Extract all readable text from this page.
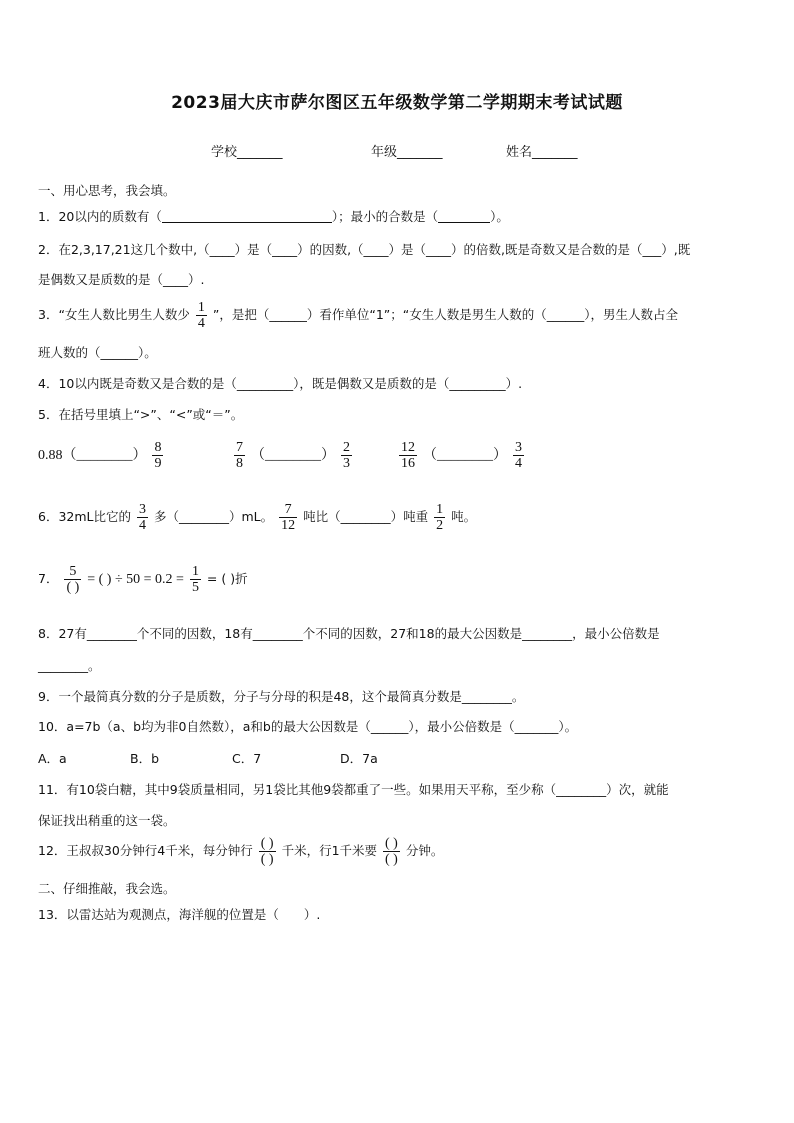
2023届大庆市萨尔图区五年级数学第二学期期末考试试题
学校_______	年级_______	姓名_______
一、用心思考，我会填。
1．20以内的质数有（	）；最小的合数是（	）。
2．在2,3,17,21这几个数中,（____）是（____）的因数,（____）是（____）的倍数,既是奇数又是合数的是（___）,既
是偶数又是质数的是（____）.
3．“女生人数比男生人数少 $\frac{1}{4}$ ”，是把（______）看作单位“1”；“女生人数是男生人数的（______），男生人数占全
班人数的（______）。
4．10以内既是奇数又是合数的是（_________），既是偶数又是质数的是（_________）.
5．在括号里填上“>”、“<”或“＝”。
0.88（________） $\frac{8}{9}$	$\frac{7}{8}$ （________） $\frac{2}{3}$	$\frac{12}{16}$ （________） $\frac{3}{4}$
6．32mL比它的 $\frac{3}{4}$ 多（________）mL。 $\frac{7}{12}$ 吨比（________）吨重 $\frac{1}{2}$ 吨。
7． $\frac{5}{( )}$ = ( ) ÷ $50 = 0.2 = \frac{1}{5}$ = ( )折
8．27有________个不同的因数，18有________个不同的因数，27和18的最大公因数是________，最小公倍数是
________。
9．一个最简真分数的分子是质数，分子与分母的积是48，这个最简真分数是________。
10．a=7b（a、b均为非0自然数），a和b的最大公因数是（______），最小公倍数是（_______）。
A．a	B．b	C．7	D．7a
11．有10袋白糖，其中9袋质量相同，另1袋比其他9袋都重了一些。如果用天平称，至少称（________）次，就能
保证找出稍重的这一袋。
12．王叔叔30分钟行4千米，每分钟行 $\frac{( )}{( )}$ 千米，行1千米要 $\frac{( )}{( )}$ 分钟。
二、仔细推敲，我会选。
13．以雷达站为观测点，海洋舰的位置是（　　）.
